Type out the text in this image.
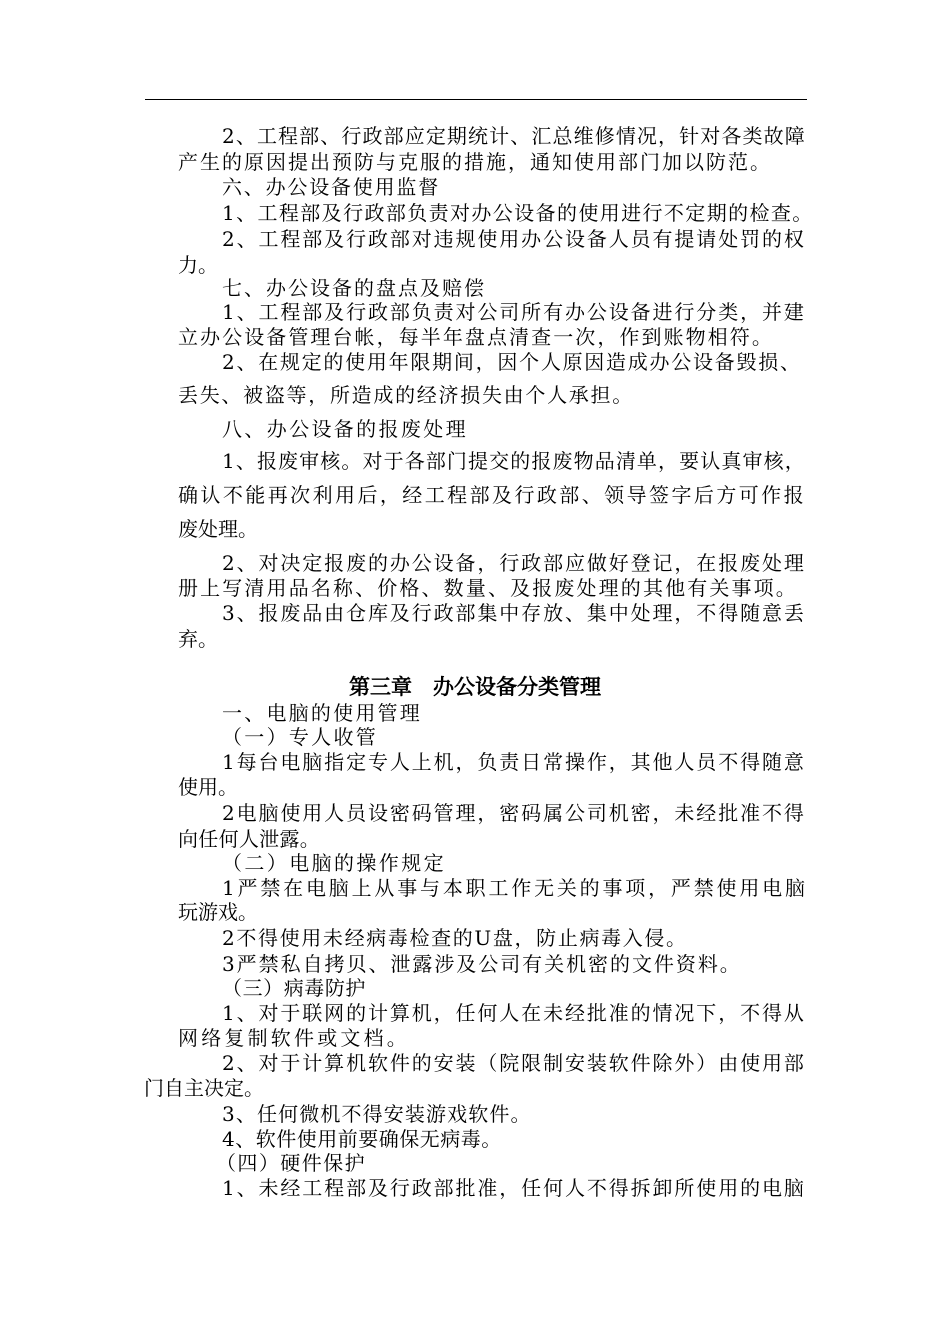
2、工程部、行政部应定期统计、汇总维修情况，针对各类故障
产生的原因提出预防与克服的措施，通知使用部门加以防范。
六、办公设备使用监督
1、工程部及行政部负责对办公设备的使用进行不定期的检查。
2、工程部及行政部对违规使用办公设备人员有提请处罚的权
力。
七、办公设备的盘点及赔偿
1、工程部及行政部负责对公司所有办公设备进行分类，并建
立办公设备管理台帐，每半年盘点清查一次，作到账物相符。
2、在规定的使用年限期间，因个人原因造成办公设备毁损、
丢失、被盗等，所造成的经济损失由个人承担。
八、办公设备的报废处理
1、报废审核。对于各部门提交的报废物品清单，要认真审核，
确认不能再次利用后，经工程部及行政部、领导签字后方可作报
废处理。
2、对决定报废的办公设备，行政部应做好登记，在报废处理
册上写清用品名称、价格、数量、及报废处理的其他有关事项。
3、报废品由仓库及行政部集中存放、集中处理，不得随意丢
弃。
第三章　办公设备分类管理
一、电脑的使用管理
（一）专人收管
1每台电脑指定专人上机，负责日常操作，其他人员不得随意
使用。
2电脑使用人员设密码管理，密码属公司机密，未经批准不得
向任何人泄露。
（二）电脑的操作规定
1严禁在电脑上从事与本职工作无关的事项，严禁使用电脑
玩游戏。
2不得使用未经病毒检查的U盘，防止病毒入侵。
3严禁私自拷贝、泄露涉及公司有关机密的文件资料。
（三）病毒防护
1、对于联网的计算机，任何人在未经批准的情况下，不得从
网络复制软件或文档。
2、对于计算机软件的安装（院限制安装软件除外）由使用部
门自主决定。
3、任何微机不得安装游戏软件。
4、软件使用前要确保无病毒。
（四）硬件保护
1、未经工程部及行政部批准，任何人不得拆卸所使用的电脑
